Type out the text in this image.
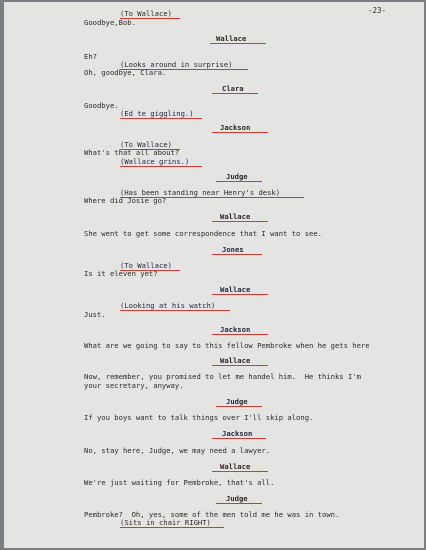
-23-
(To Wallace)
Goodbye,Bob.
Wallace
Eh?
(Looks around in surprise)
Oh, goodbye, Clara.
Clara
Goodbye.
(Ed te giggling.)
Jackson
(To Wallace)
What's that all about?
(Wallace grins.)
Judge
(Has been standing near Henry's desk)
Where did Josie go?
Wallace
She went to get some correspondence that I want to see.
Jones
(To Wallace)
Is it eleven yet?
Wallace
(Looking at his watch)
Just.
Jackson
What are we going to say to this fellow Pembroke when he gets here
Wallace
Now, remember, you promised to let me handel him.  He thinks I'm
your secretary, anyway.
Judge
If you boys want to talk things over I'll skip along.
Jackson
No, stay here, Judge, we may need a lawyer.
Wallace
We're just waiting for Pembroke, that's all.
Judge
Pembroke?  Oh, yes, some of the men told me he was in town.
(Sits in chair RIGHT)
